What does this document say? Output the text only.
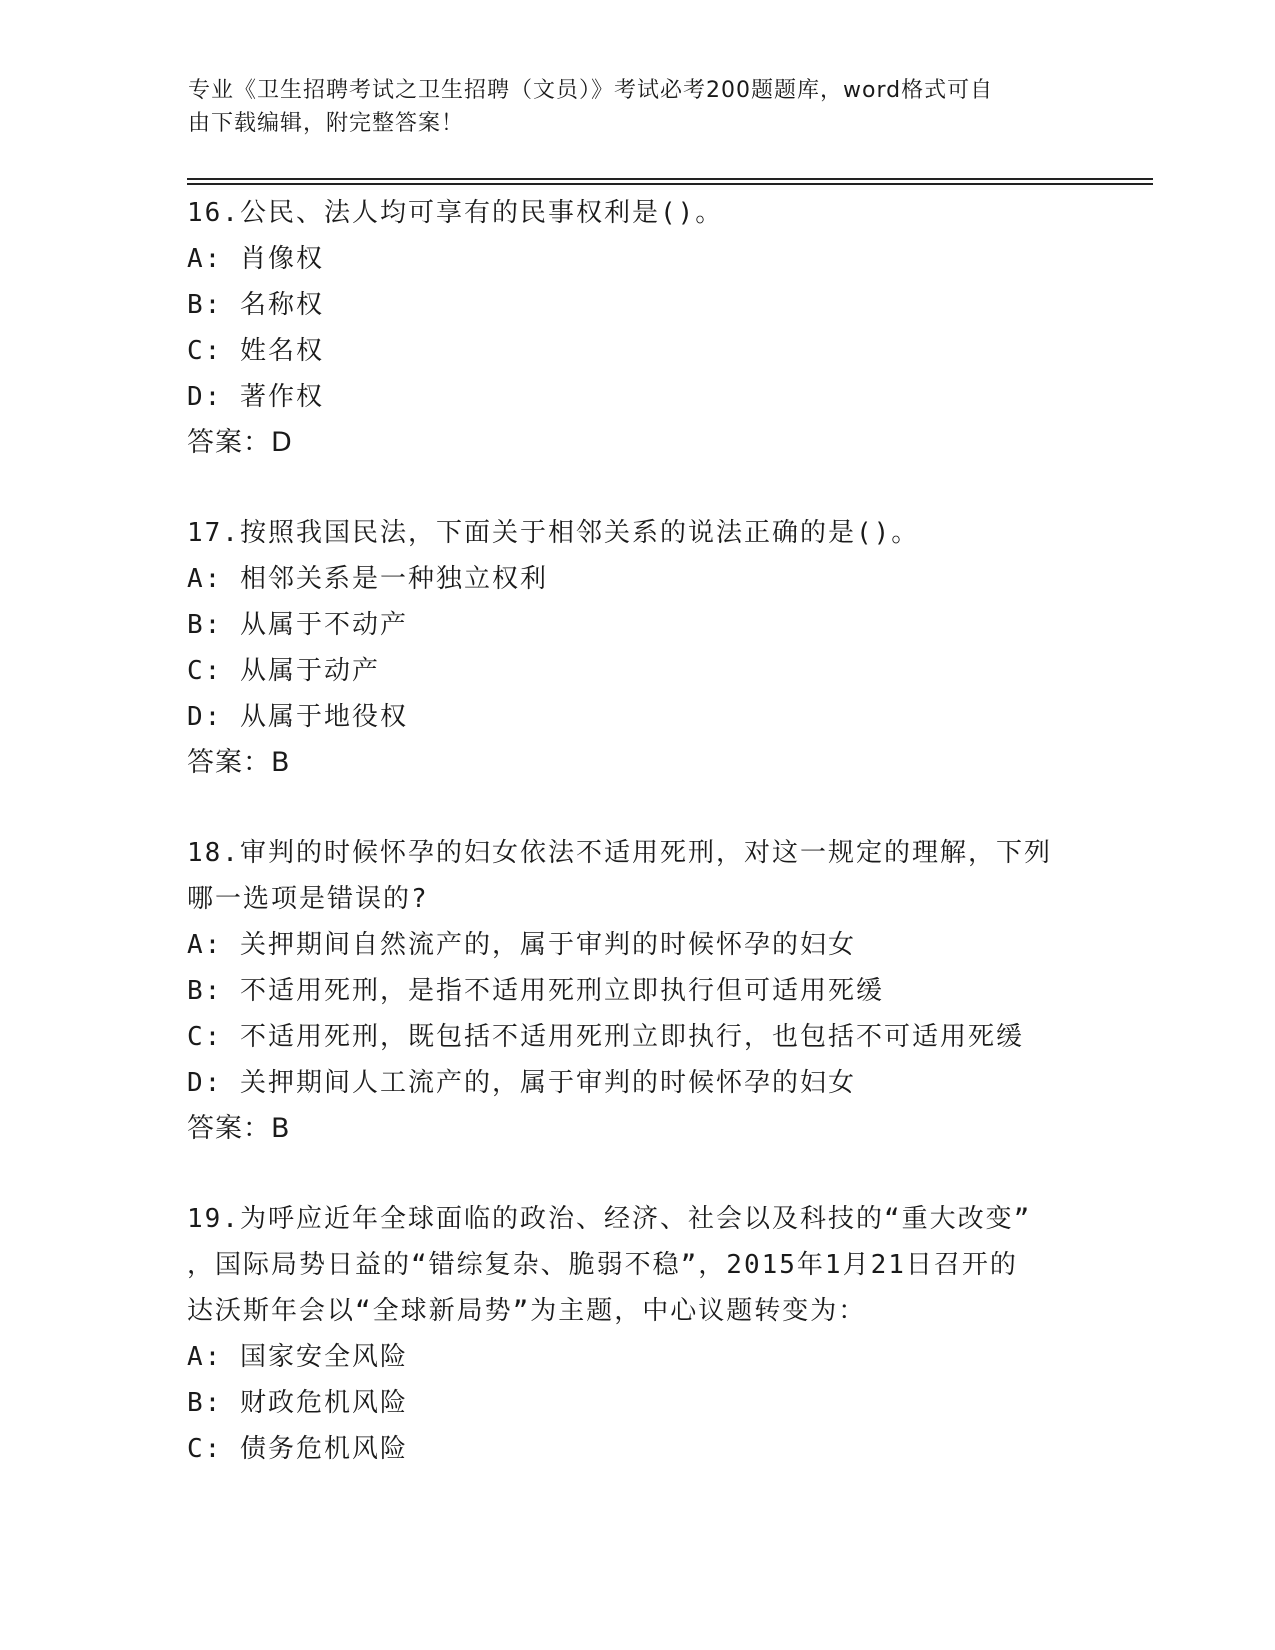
专业《卫生招聘考试之卫生招聘（文员）》考试必考200题题库，word格式可自
由下载编辑，附完整答案！
16.公民、法人均可享有的民事权利是()。
A: 肖像权
B: 名称权
C: 姓名权
D: 著作权
答案：D
17.按照我国民法，下面关于相邻关系的说法正确的是()。
A: 相邻关系是一种独立权利
B: 从属于不动产
C: 从属于动产
D: 从属于地役权
答案：B
18.审判的时候怀孕的妇女依法不适用死刑，对这一规定的理解，下列
哪一选项是错误的?
A: 关押期间自然流产的，属于审判的时候怀孕的妇女
B: 不适用死刑，是指不适用死刑立即执行但可适用死缓
C: 不适用死刑，既包括不适用死刑立即执行，也包括不可适用死缓
D: 关押期间人工流产的，属于审判的时候怀孕的妇女
答案：B
19.为呼应近年全球面临的政治、经济、社会以及科技的“重大改变”
，国际局势日益的“错综复杂、脆弱不稳”，2015年1月21日召开的
达沃斯年会以“全球新局势”为主题，中心议题转变为：
A: 国家安全风险
B: 财政危机风险
C: 债务危机风险
